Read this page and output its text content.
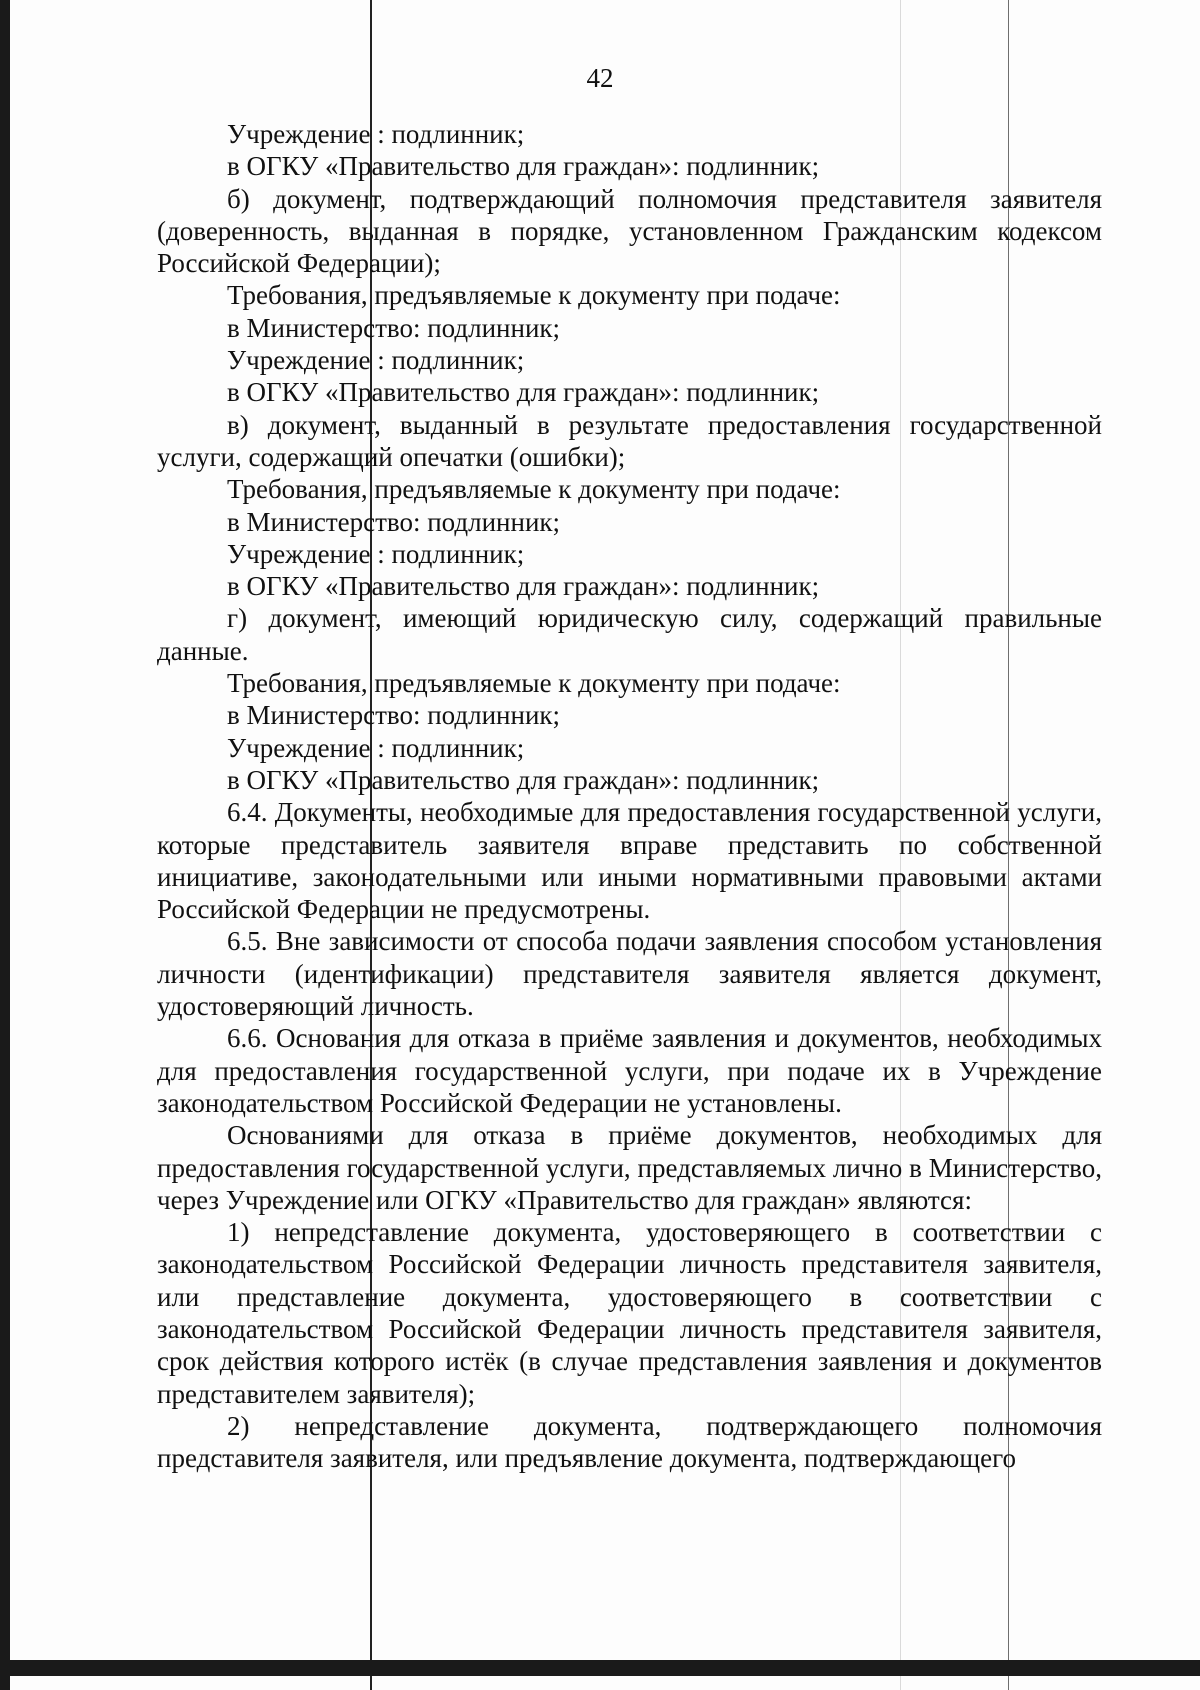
42

Учреждение : подлинник;

в ОГКУ «Правительство для граждан»: подлинник;

б) документ, подтверждающий полномочия представителя заявителя (доверенность, выданная в порядке, установленном Гражданским кодексом Российской Федерации);

Требования, предъявляемые к документу при подаче:

в Министерство: подлинник;

Учреждение : подлинник;

в ОГКУ «Правительство для граждан»: подлинник;

в) документ, выданный в результате предоставления государственной услуги, содержащий опечатки (ошибки);

Требования, предъявляемые к документу при подаче:

в Министерство: подлинник;

Учреждение : подлинник;

в ОГКУ «Правительство для граждан»: подлинник;

г) документ, имеющий юридическую силу, содержащий правильные данные.

Требования, предъявляемые к документу при подаче:

в Министерство: подлинник;

Учреждение : подлинник;

в ОГКУ «Правительство для граждан»: подлинник;

6.4. Документы, необходимые для предоставления государственной услуги, которые представитель заявителя вправе представить по собственной инициативе, законодательными или иными нормативными правовыми актами Российской Федерации не предусмотрены.

6.5. Вне зависимости от способа подачи заявления способом установления личности (идентификации) представителя заявителя является документ, удостоверяющий личность.

6.6. Основания для отказа в приёме заявления и документов, необходимых для предоставления государственной услуги, при подаче их в Учреждение законодательством Российской Федерации не установлены.

Основаниями для отказа в приёме документов, необходимых для предоставления государственной услуги, представляемых лично в Министерство, через Учреждение или ОГКУ «Правительство для граждан» являются:

1) непредставление документа, удостоверяющего в соответствии с законодательством Российской Федерации личность представителя заявителя, или представление документа, удостоверяющего в соответствии с законодательством Российской Федерации личность представителя заявителя, срок действия которого истёк (в случае представления заявления и документов представителем заявителя);

2) непредставление документа, подтверждающего полномочия представителя заявителя, или предъявление документа, подтверждающего
